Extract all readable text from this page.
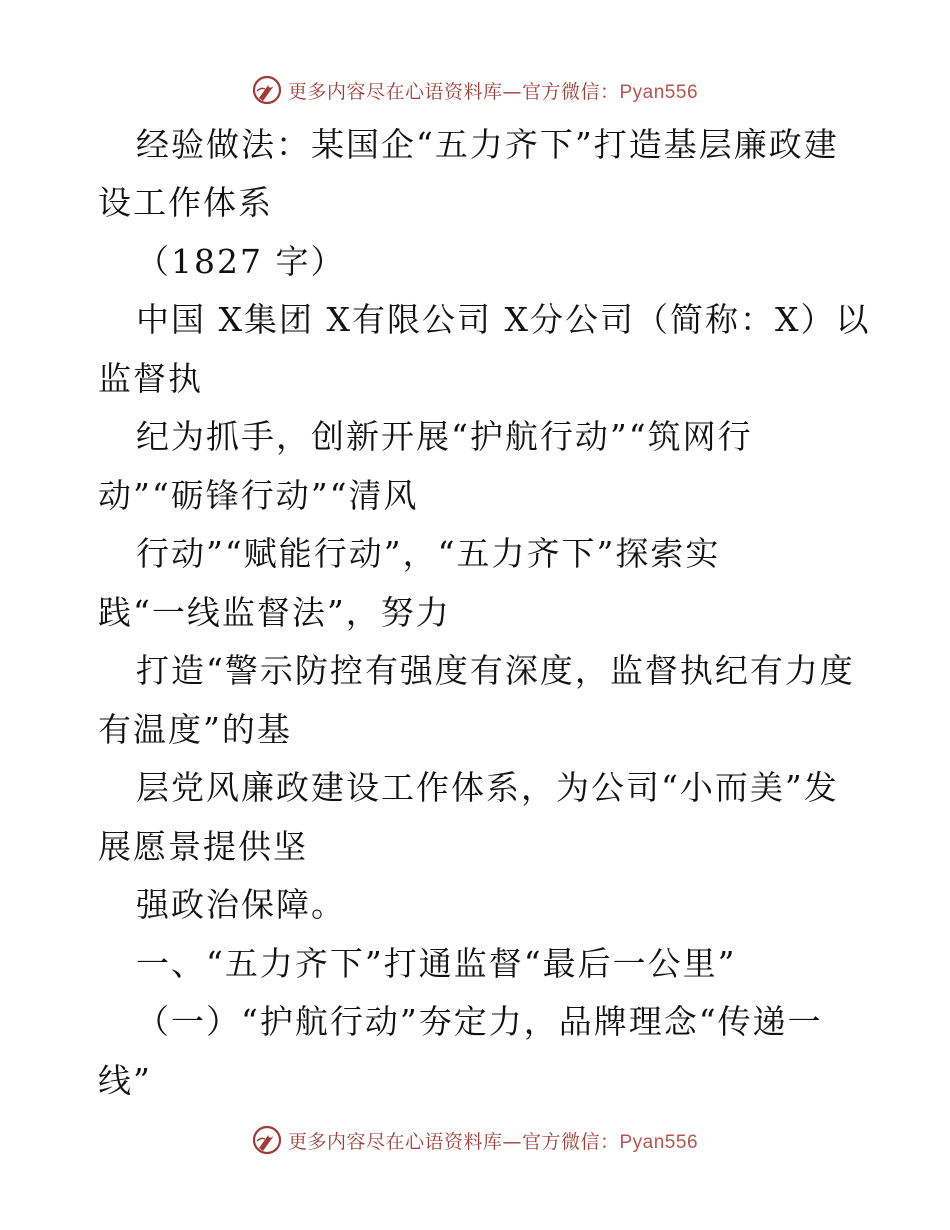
更多内容尽在心语资料库—官方微信：Pyan556
经验做法：某国企“五力齐下”打造基层廉政建
设工作体系
（1827 字）
中国 X集团 X有限公司 X分公司（简称：X）以
监督执
纪为抓手，创新开展“护航行动”“筑网行
动”“砺锋行动”“清风
行动”“赋能行动”，“五力齐下”探索实
践“一线监督法”，努力
打造“警示防控有强度有深度，监督执纪有力度
有温度”的基
层党风廉政建设工作体系，为公司“小而美”发
展愿景提供坚
强政治保障。
一、“五力齐下”打通监督“最后一公里”
（一）“护航行动”夯定力，品牌理念“传递一
线”
更多内容尽在心语资料库—官方微信：Pyan556
